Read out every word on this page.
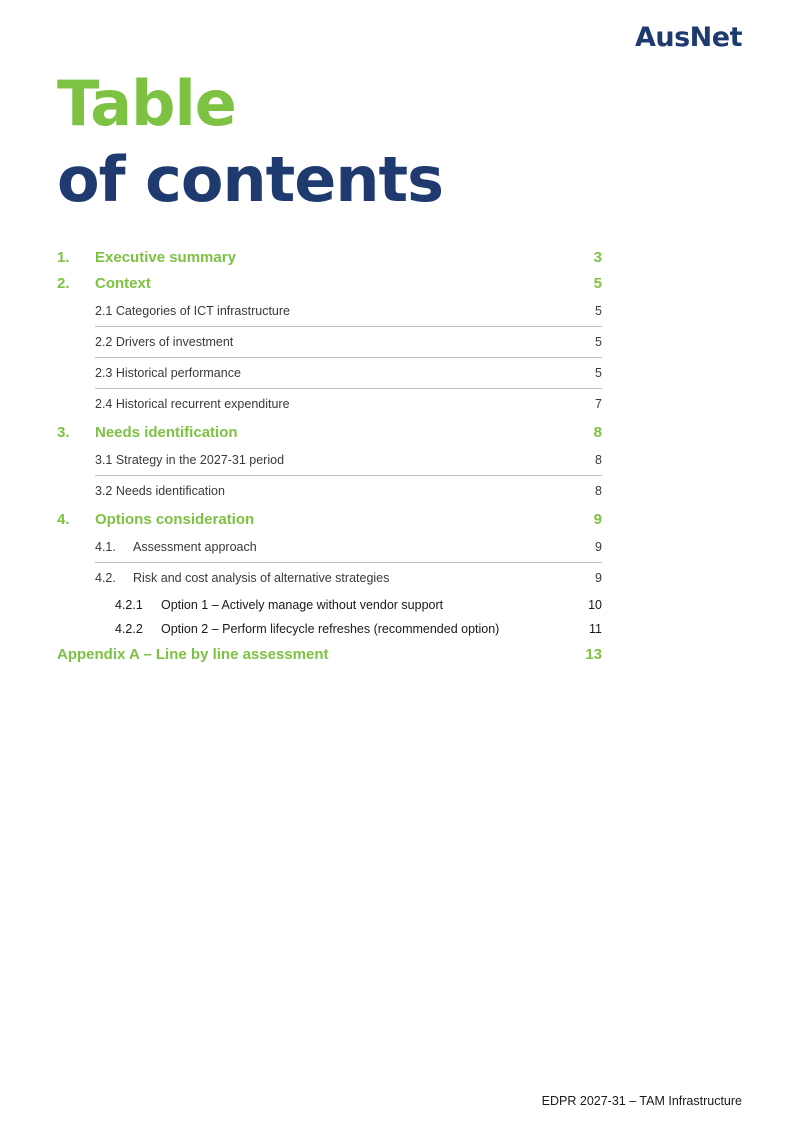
AusNet
Table
of contents
1.	Executive summary	3
2.	Context	5
2.1 Categories of ICT infrastructure	5
2.2 Drivers of investment	5
2.3 Historical performance	5
2.4 Historical recurrent expenditure	7
3.	Needs identification	8
3.1 Strategy in the 2027-31 period	8
3.2 Needs identification	8
4.	Options consideration	9
4.1.	Assessment approach	9
4.2.	Risk and cost analysis of alternative strategies	9
4.2.1	Option 1 – Actively manage without vendor support	10
4.2.2	Option 2 – Perform lifecycle refreshes (recommended option)	11
Appendix A – Line by line assessment	13
EDPR 2027-31 – TAM Infrastructure
